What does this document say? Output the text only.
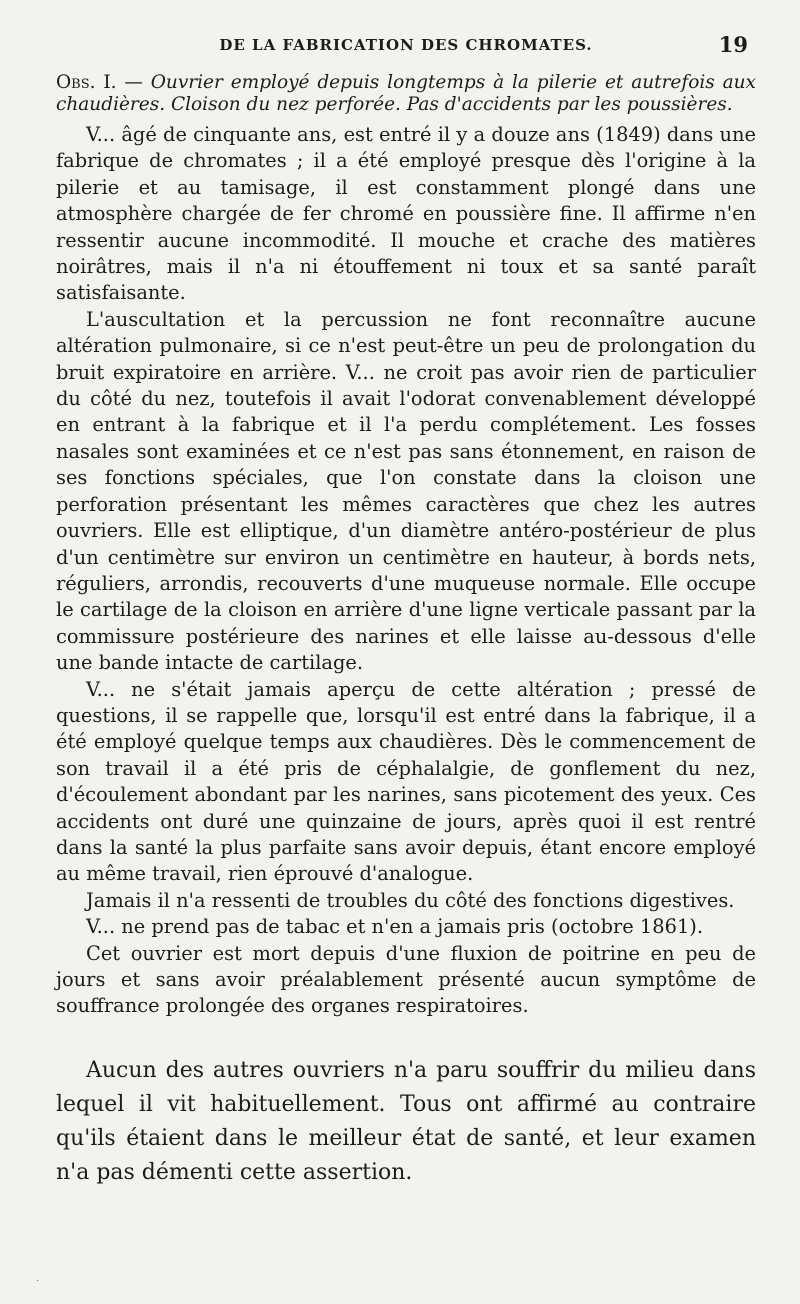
DE LA FABRICATION DES CHROMATES.	19
Obs. I. — Ouvrier employé depuis longtemps à la pilerie et autrefois aux chaudières. Cloison du nez perforée. Pas d'accidents par les poussières.

V... âgé de cinquante ans, est entré il y a douze ans (1849) dans une fabrique de chromates ; il a été employé presque dès l'origine à la pilerie et au tamisage, il est constamment plongé dans une atmosphère chargée de fer chromé en poussière fine. Il affirme n'en ressentir aucune incommodité. Il mouche et crache des matières noirâtres, mais il n'a ni étouffement ni toux et sa santé paraît satisfaisante.

L'auscultation et la percussion ne font reconnaître aucune altération pulmonaire, si ce n'est peut-être un peu de prolongation du bruit expiratoire en arrière. V... ne croit pas avoir rien de particulier du côté du nez, toutefois il avait l'odorat convenablement développé en entrant à la fabrique et il l'a perdu complétement. Les fosses nasales sont examinées et ce n'est pas sans étonnement, en raison de ses fonctions spéciales, que l'on constate dans la cloison une perforation présentant les mêmes caractères que chez les autres ouvriers. Elle est elliptique, d'un diamètre antéro-postérieur de plus d'un centimètre sur environ un centimètre en hauteur, à bords nets, réguliers, arrondis, recouverts d'une muqueuse normale. Elle occupe le cartilage de la cloison en arrière d'une ligne verticale passant par la commissure postérieure des narines et elle laisse au-dessous d'elle une bande intacte de cartilage.

V... ne s'était jamais aperçu de cette altération ; pressé de questions, il se rappelle que, lorsqu'il est entré dans la fabrique, il a été employé quelque temps aux chaudières. Dès le commencement de son travail il a été pris de céphalalgie, de gonflement du nez, d'écoulement abondant par les narines, sans picotement des yeux. Ces accidents ont duré une quinzaine de jours, après quoi il est rentré dans la santé la plus parfaite sans avoir depuis, étant encore employé au même travail, rien éprouvé d'analogue.

Jamais il n'a ressenti de troubles du côté des fonctions digestives.

V... ne prend pas de tabac et n'en a jamais pris (octobre 1861).

Cet ouvrier est mort depuis d'une fluxion de poitrine en peu de jours et sans avoir préalablement présenté aucun symptôme de souffrance prolongée des organes respiratoires.

Aucun des autres ouvriers n'a paru souffrir du milieu dans lequel il vit habituellement. Tous ont affirmé au contraire qu'ils étaient dans le meilleur état de santé, et leur examen n'a pas démenti cette assertion.

·
